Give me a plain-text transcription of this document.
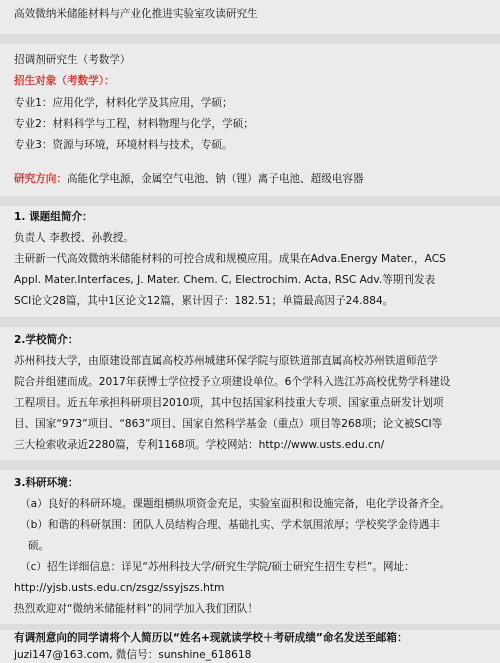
高效微纳米储能材料与产业化推进实验室攻读研究生
招调剂研究生（考数学）
招生对象（考数学）：
专业1：应用化学，材料化学及其应用，学硕；
专业2：材料科学与工程，材料物理与化学，学硕；
专业3：资源与环境，环境材料与技术，专硕。
研究方向：高能化学电源，金属空气电池、钠（锂）离子电池、超级电容器
1. 课题组简介：
负责人 李教授、孙教授。
主研新一代高效微纳米储能材料的可控合成和规模应用。成果在Adva.Energy Mater.，ACS
Appl. Mater.Interfaces, J. Mater. Chem. C, Electrochim. Acta, RSC Adv.等期刊发表
SCI论文28篇，其中1区论文12篇，累计因子：182.51；单篇最高因子24.884。
2.学校简介：
苏州科技大学，由原建设部直属高校苏州城建环保学院与原铁道部直属高校苏州铁道师范学
院合并组建而成。2017年获博士学位授予立项建设单位。6个学科入选江苏高校优势学科建设
工程项目。近五年承担科研项目2010项，其中包括国家科技重大专项、国家重点研发计划项
目、国家“973”项目、“863”项目、国家自然科学基金（重点）项目等268项；论文被SCI等
三大检索收录近2280篇，专利1168项。学校网站：http://www.usts.edu.cn/
3.科研环境：
（a）良好的科研环境。课题组横纵项资金充足，实验室面积和设施完备，电化学设备齐全。
（b）和谐的科研氛围：团队人员结构合理、基础扎实、学术氛围浓厚；学校奖学金待遇丰
硕。
（c）招生详细信息：详见“苏州科技大学/研究生学院/硕士研究生招生专栏”。网址：
http://yjsb.usts.edu.cn/zsgz/ssyjszs.htm
热烈欢迎对“微纳米储能材料”的同学加入我们团队！
有调剂意向的同学请将个人简历以“姓名+现就读学校＋考研成绩”命名发送至邮箱：
juzi147@163.com, 微信号：sunshine_618618
